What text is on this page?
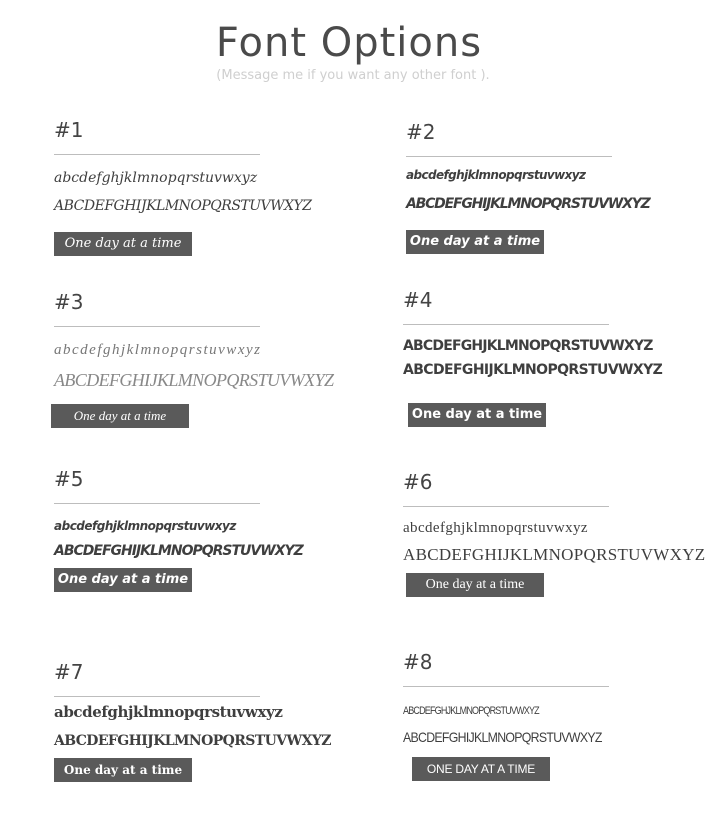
Font Options
(Message me if you want any other font ).
#1
abcdefghjklmnopqrstuvwxyz
ABCDEFGHIJKLMNOPQRSTUVWXYZ
One day at a time
#2
abcdefghjklmnopqrstuvwxyz
ABCDEFGHIJKLMNOPQRSTUVWXYZ
One day at a time
#3
abcdefghjklmnopqrstuvwxyz
ABCDEFGHIJKLMNOPQRSTUVWXYZ
One day at a time
#4
ABCDEFGHJKLMNOPQRSTUVWXYZ
ABCDEFGHIJKLMNOPQRSTUVWXYZ
One day at a time
#5
abcdefghjklmnopqrstuvwxyz
ABCDEFGHIJKLMNOPQRSTUVWXYZ
One day at a time
#6
abcdefghjklmnopqrstuvwxyz
ABCDEFGHIJKLMNOPQRSTUVWXYZ
One day at a time
#7
abcdefghjklmnopqrstuvwxyz
ABCDEFGHIJKLMNOPQRSTUVWXYZ
One day at a time
#8
ABCDEFGHJKLMNOPQRSTUVWXYZ
ABCDEFGHIJKLMNOPQRSTUVWXYZ
ONE DAY AT A TIME
